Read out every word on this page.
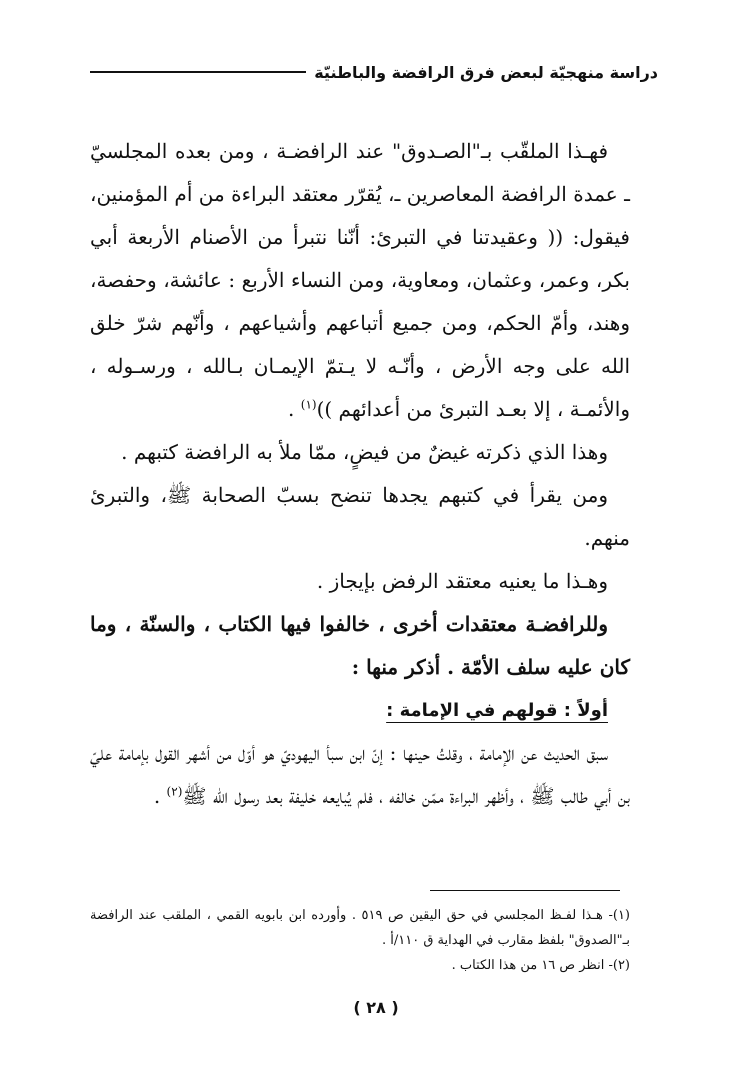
دراسة منهجيّة لبعض فرق الرافضة والباطنيّة

فهـذا الملقّب بـ"الصـدوق" عند الرافضـة ، ومن بعده المجلسيّ ـ عمدة الرافضة المعاصرين ـ، يُقرّر معتقد البراءة من أم المؤمنين، فيقول: (( وعقيدتنا في التبرئ: أنّنا نتبرأ من الأصنام الأربعة أبي بكر، وعمر، وعثمان، ومعاوية، ومن النساء الأربع : عائشة، وحفصة، وهند، وأمّ الحكم، ومن جميع أتباعهم وأشياعهم ، وأنّهم شرّ خلق الله على وجه الأرض ، وأنّـه لا يـتمّ الإيمـان بـالله ، ورسـوله ، والأئمـة ، إلا بعـد التبرئ من أعدائهم ))$^{(١)}$ .

وهذا الذي ذكرته غيضٌ من فيضٍ، ممّا ملأ به الرافضة كتبهم .

ومن يقرأ في كتبهم يجدها تنضح بسبّ الصحابة ﷺ، والتبرئ منهم.

وهـذا ما يعنيه معتقد الرفض بإيجاز .

وللرافضـة معتقدات أخرى ، خالفوا فيها الكتاب ، والسنّة ، وما كان عليه سلف الأمّة . أذكر منها :

أولاً : قولهم في الإمامة :

سبق الحديث عن الإمامة ، وقلتُ حينها : إنّ ابن سبأ اليهوديّ هو أوّل من أشهر القول بإمامة عليّ بن أبي طالب ﷺ ، وأظهر البراءة ممّن خالفه ، فلم يُبايعه خليفة بعد رسول الله ﷺ$^{(٢)}$ .

(١)- هـذا لفـظ المجلسي في حق اليقين ص ٥١٩ . وأورده ابن بابويه القمي ، الملقب عند الرافضة بـ"الصدوق" بلفظ مقارب في الهداية ق ١١٠/أ .

(٢)- انظر ص ١٦ من هذا الكتاب .

( ٢٨ )
